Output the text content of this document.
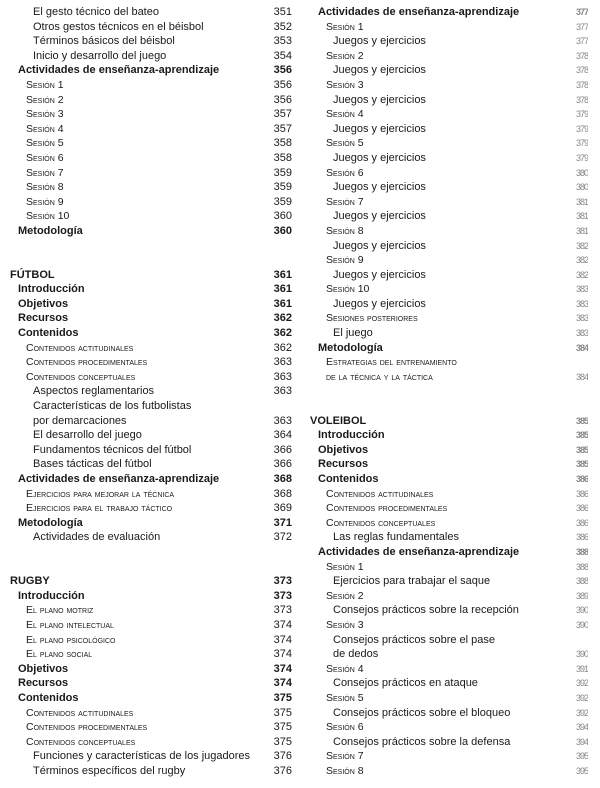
El gesto técnico del bateo	351
Otros gestos técnicos en el béisbol	352
Términos básicos del béisbol	353
Inicio y desarrollo del juego	354
Actividades de enseñanza-aprendizaje	356
Sesión 1	356
Sesión 2	356
Sesión 3	357
Sesión 4	357
Sesión 5	358
Sesión 6	358
Sesión 7	359
Sesión 8	359
Sesión 9	359
Sesión 10	360
Metodología	360
FÚTBOL	361
Introducción	361
Objetivos	361
Recursos	362
Contenidos	362
Contenidos actitudinales	362
Contenidos procedimentales	363
Contenidos conceptuales	363
Aspectos reglamentarios	363
Características de los futbolistas
por demarcaciones	363
El desarrollo del juego	364
Fundamentos técnicos del fútbol	366
Bases tácticas del fútbol	366
Actividades de enseñanza-aprendizaje	368
Ejercicios para mejorar la técnica	368
Ejercicios para el trabajo táctico	369
Metodología	371
Actividades de evaluación	372
RUGBY	373
Introducción	373
El plano motriz	373
El plano intelectual	374
El plano psicológico	374
El plano social	374
Objetivos	374
Recursos	374
Contenidos	375
Contenidos actitudinales	375
Contenidos procedimentales	375
Contenidos conceptuales	375
Funciones y características de los jugadores 376
Términos específicos del rugby	376
Actividades de enseñanza-aprendizaje	377
Sesión 1	377
Juegos y ejercicios	377
Sesión 2	378
Juegos y ejercicios	378
Sesión 3	378
Juegos y ejercicios	378
Sesión 4	379
Juegos y ejercicios	379
Sesión 5	379
Juegos y ejercicios	379
Sesión 6	380
Juegos y ejercicios	380
Sesión 7	381
Juegos y ejercicios	381
Sesión 8	381
Juegos y ejercicios	382
Sesión 9	382
Juegos y ejercicios	382
Sesión 10	383
Juegos y ejercicios	383
Sesiones posteriores	383
El juego	383
Metodología	384
Estrategias del entrenamiento
de la técnica y la táctica	384
VOLEIBOL	385
Introducción	385
Objetivos	385
Recursos	385
Contenidos	386
Contenidos actitudinales	386
Contenidos procedimentales	386
Contenidos conceptuales	386
Las reglas fundamentales	386
Actividades de enseñanza-aprendizaje	388
Sesión 1	388
Ejercicios para trabajar el saque	388
Sesión 2	389
Consejos prácticos sobre la recepción	390
Sesión 3	390
Consejos prácticos sobre el pase
de dedos	390
Sesión 4	391
Consejos prácticos en ataque	392
Sesión 5	392
Consejos prácticos sobre el bloqueo	392
Sesión 6	394
Consejos prácticos sobre la defensa	394
Sesión 7	395
Sesión 8	395
